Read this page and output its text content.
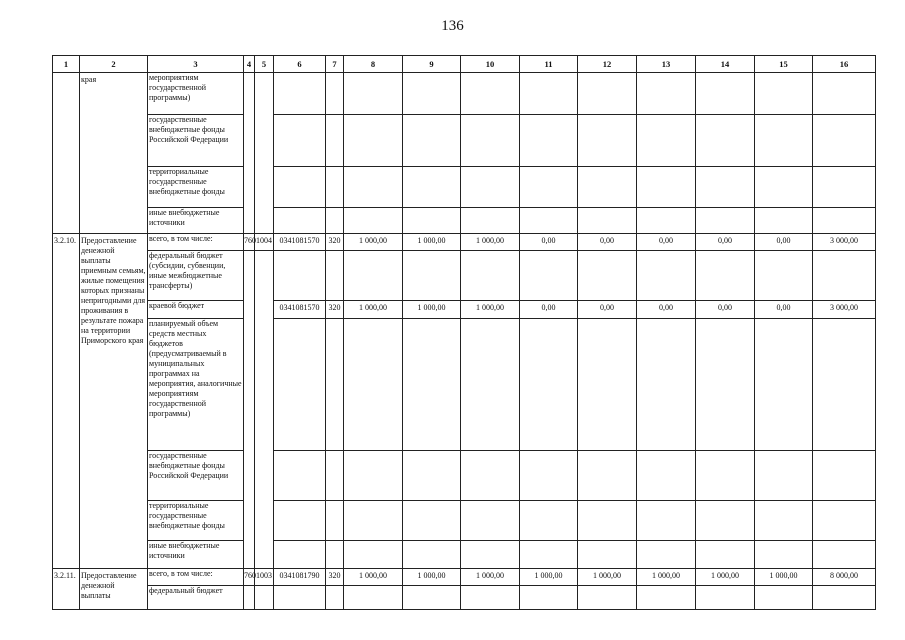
136
1	2	3	4	5	6	7	8	9	10	11	12	13	14	15	16
	края	мероприятиям государственной программы)													
		государственные внебюджетные фонды Российской Федерации													
		территориальные государственные внебюджетные фонды													
		иные внебюджетные источники													
3.2.10.	Предоставление денежной выплаты приемным семьям, жилые помещения которых признаны непригодными для проживания в результате пожара на территории Приморского края	всего, в том числе:	760	1004	0341081570	320	1 000,00	1 000,00	1 000,00	0,00	0,00	0,00	0,00	0,00	3 000,00
		федеральный бюджет (субсидии, субвенции, иные межбюджетные трансферты)													
		краевой бюджет			0341081570	320	1 000,00	1 000,00	1 000,00	0,00	0,00	0,00	0,00	0,00	3 000,00
		планируемый объем средств местных бюджетов (предусматриваемый в муниципальных программах на мероприятия, аналогичные мероприятиям государственной программы)													
		государственные внебюджетные фонды Российской Федерации													
		территориальные государственные внебюджетные фонды													
		иные внебюджетные источники													
3.2.11.	Предоставление денежной выплаты	всего, в том числе:	760	1003	0341081790	320	1 000,00	1 000,00	1 000,00	1 000,00	1 000,00	1 000,00	1 000,00	1 000,00	8 000,00
		федеральный бюджет													
